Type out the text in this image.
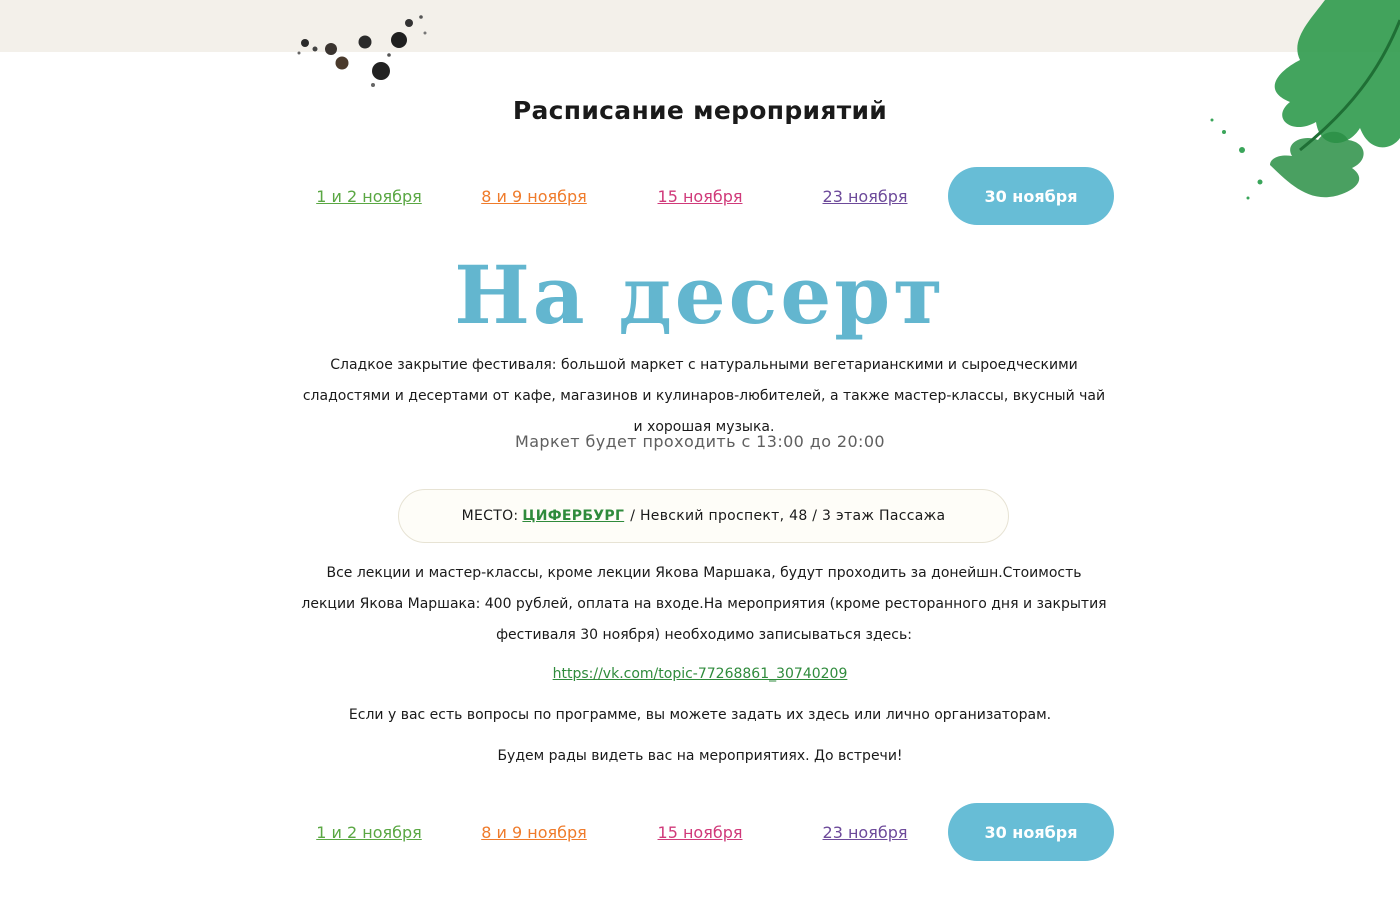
Расписание мероприятий
1 и 2 ноября	8 и 9 ноября	15 ноября	23 ноября	30 ноября
На десерт

Сладкое закрытие фестиваля: большой маркет с натуральными вегетарианскими и сыроедческими сладостями и десертами от кафе, магазинов и кулинаров-любителей, а также мастер-классы, вкусный чай и хорошая музыка.

Маркет будет проходить с 13:00 до 20:00

МЕСТО: ЦИФЕРБУРГ / Невский проспект, 48 / 3 этаж Пассажа

Все лекции и мастер-классы, кроме лекции Якова Маршака, будут проходить за донейшн.Стоимость лекции Якова Маршака: 400 рублей, оплата на входе.На мероприятия (кроме ресторанного дня и закрытия фестиваля 30 ноября) необходимо записываться здесь:

https://vk.com/topic-77268861_30740209

Если у вас есть вопросы по программе, вы можете задать их здесь или лично организаторам.

Будем рады видеть вас на мероприятиях. До встречи!

1 и 2 ноября	8 и 9 ноября	15 ноября	23 ноября	30 ноября
